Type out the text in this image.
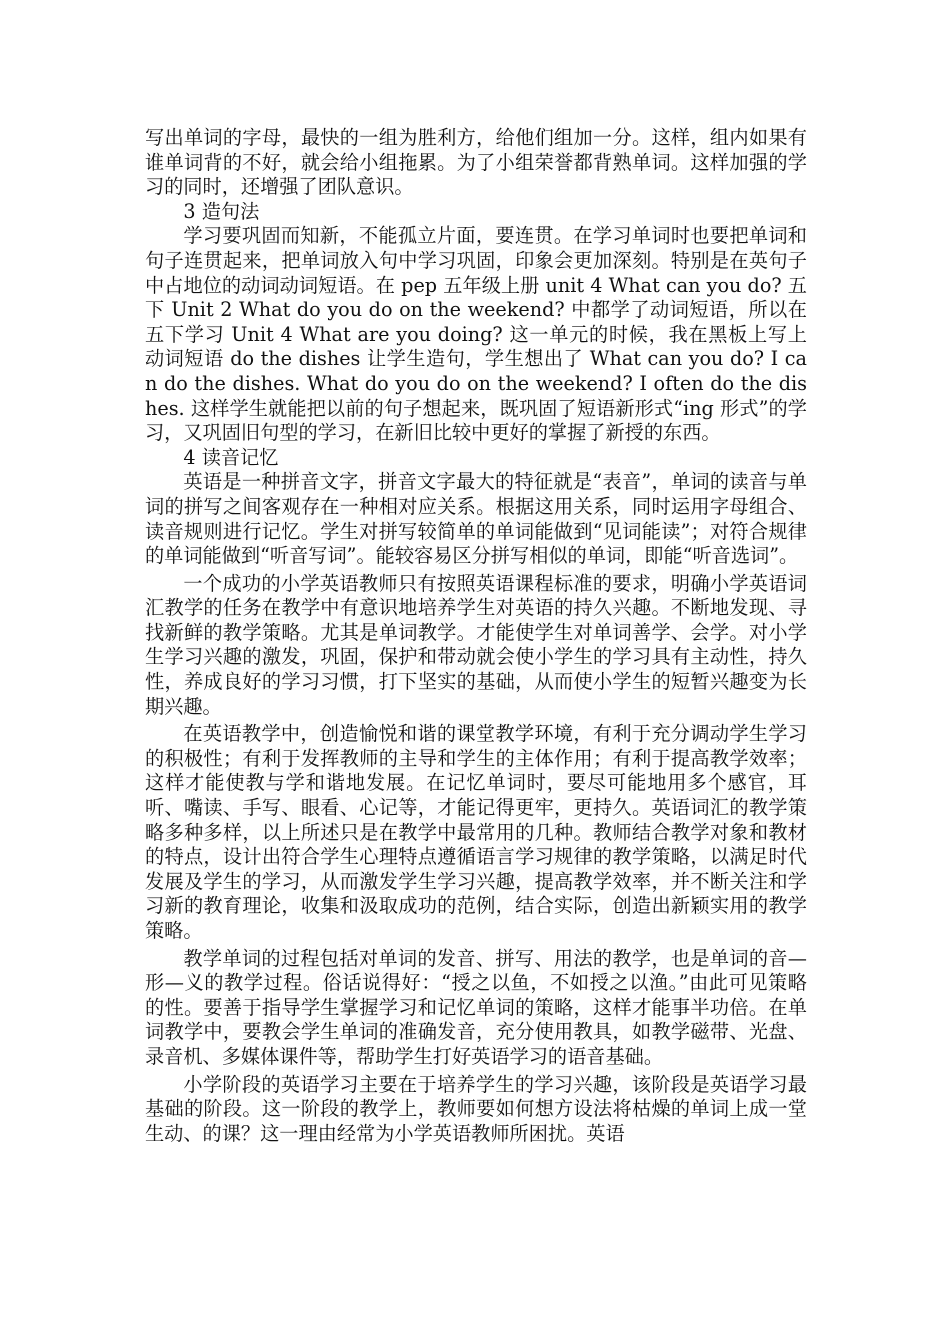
写出单词的字母，最快的一组为胜利方，给他们组加一分。这样，组内如果有谁单词背的不好，就会给小组拖累。为了小组荣誉都背熟单词。这样加强的学习的同时，还增强了团队意识。

3 造句法

学习要巩固而知新，不能孤立片面，要连贯。在学习单词时也要把单词和句子连贯起来，把单词放入句中学习巩固，印象会更加深刻。特别是在英句子中占地位的动词动词短语。在 pep 五年级上册 unit 4 What can you do? 五下 Unit 2 What do you do on the weekend? 中都学了动词短语，所以在五下学习 Unit 4 What are you doing? 这一单元的时候，我在黑板上写上动词短语 do the dishes 让学生造句，学生想出了 What can you do? I can do the dishes. What do you do on the weekend? I often do the dishes. 这样学生就能把以前的句子想起来，既巩固了短语新形式“ing 形式”的学习，又巩固旧句型的学习，在新旧比较中更好的掌握了新授的东西。

4 读音记忆

英语是一种拼音文字，拼音文字最大的特征就是“表音”，单词的读音与单词的拼写之间客观存在一种相对应关系。根据这用关系，同时运用字母组合、读音规则进行记忆。学生对拼写较简单的单词能做到“见词能读”；对符合规律的单词能做到“听音写词”。能较容易区分拼写相似的单词，即能“听音选词”。

一个成功的小学英语教师只有按照英语课程标准的要求，明确小学英语词汇教学的任务在教学中有意识地培养学生对英语的持久兴趣。不断地发现、寻找新鲜的教学策略。尤其是单词教学。才能使学生对单词善学、会学。对小学生学习兴趣的激发，巩固，保护和带动就会使小学生的学习具有主动性，持久性，养成良好的学习习惯，打下坚实的基础，从而使小学生的短暂兴趣变为长期兴趣。

在英语教学中，创造愉悦和谐的课堂教学环境，有利于充分调动学生学习的积极性；有利于发挥教师的主导和学生的主体作用；有利于提高教学效率；这样才能使教与学和谐地发展。在记忆单词时，要尽可能地用多个感官，耳听、嘴读、手写、眼看、心记等，才能记得更牢，更持久。英语词汇的教学策略多种多样，以上所述只是在教学中最常用的几种。教师结合教学对象和教材的特点，设计出符合学生心理特点遵循语言学习规律的教学策略，以满足时代发展及学生的学习，从而激发学生学习兴趣，提高教学效率，并不断关注和学习新的教育理论，收集和汲取成功的范例，结合实际，创造出新颖实用的教学策略。

教学单词的过程包括对单词的发音、拼写、用法的教学，也是单词的音—形—义的教学过程。俗话说得好：“授之以鱼，不如授之以渔。”由此可见策略的性。要善于指导学生掌握学习和记忆单词的策略，这样才能事半功倍。在单词教学中，要教会学生单词的准确发音，充分使用教具，如教学磁带、光盘、录音机、多媒体课件等，帮助学生打好英语学习的语音基础。

小学阶段的英语学习主要在于培养学生的学习兴趣，该阶段是英语学习最基础的阶段。这一阶段的教学上，教师要如何想方设法将枯燥的单词上成一堂生动、的课？这一理由经常为小学英语教师所困扰。英语
